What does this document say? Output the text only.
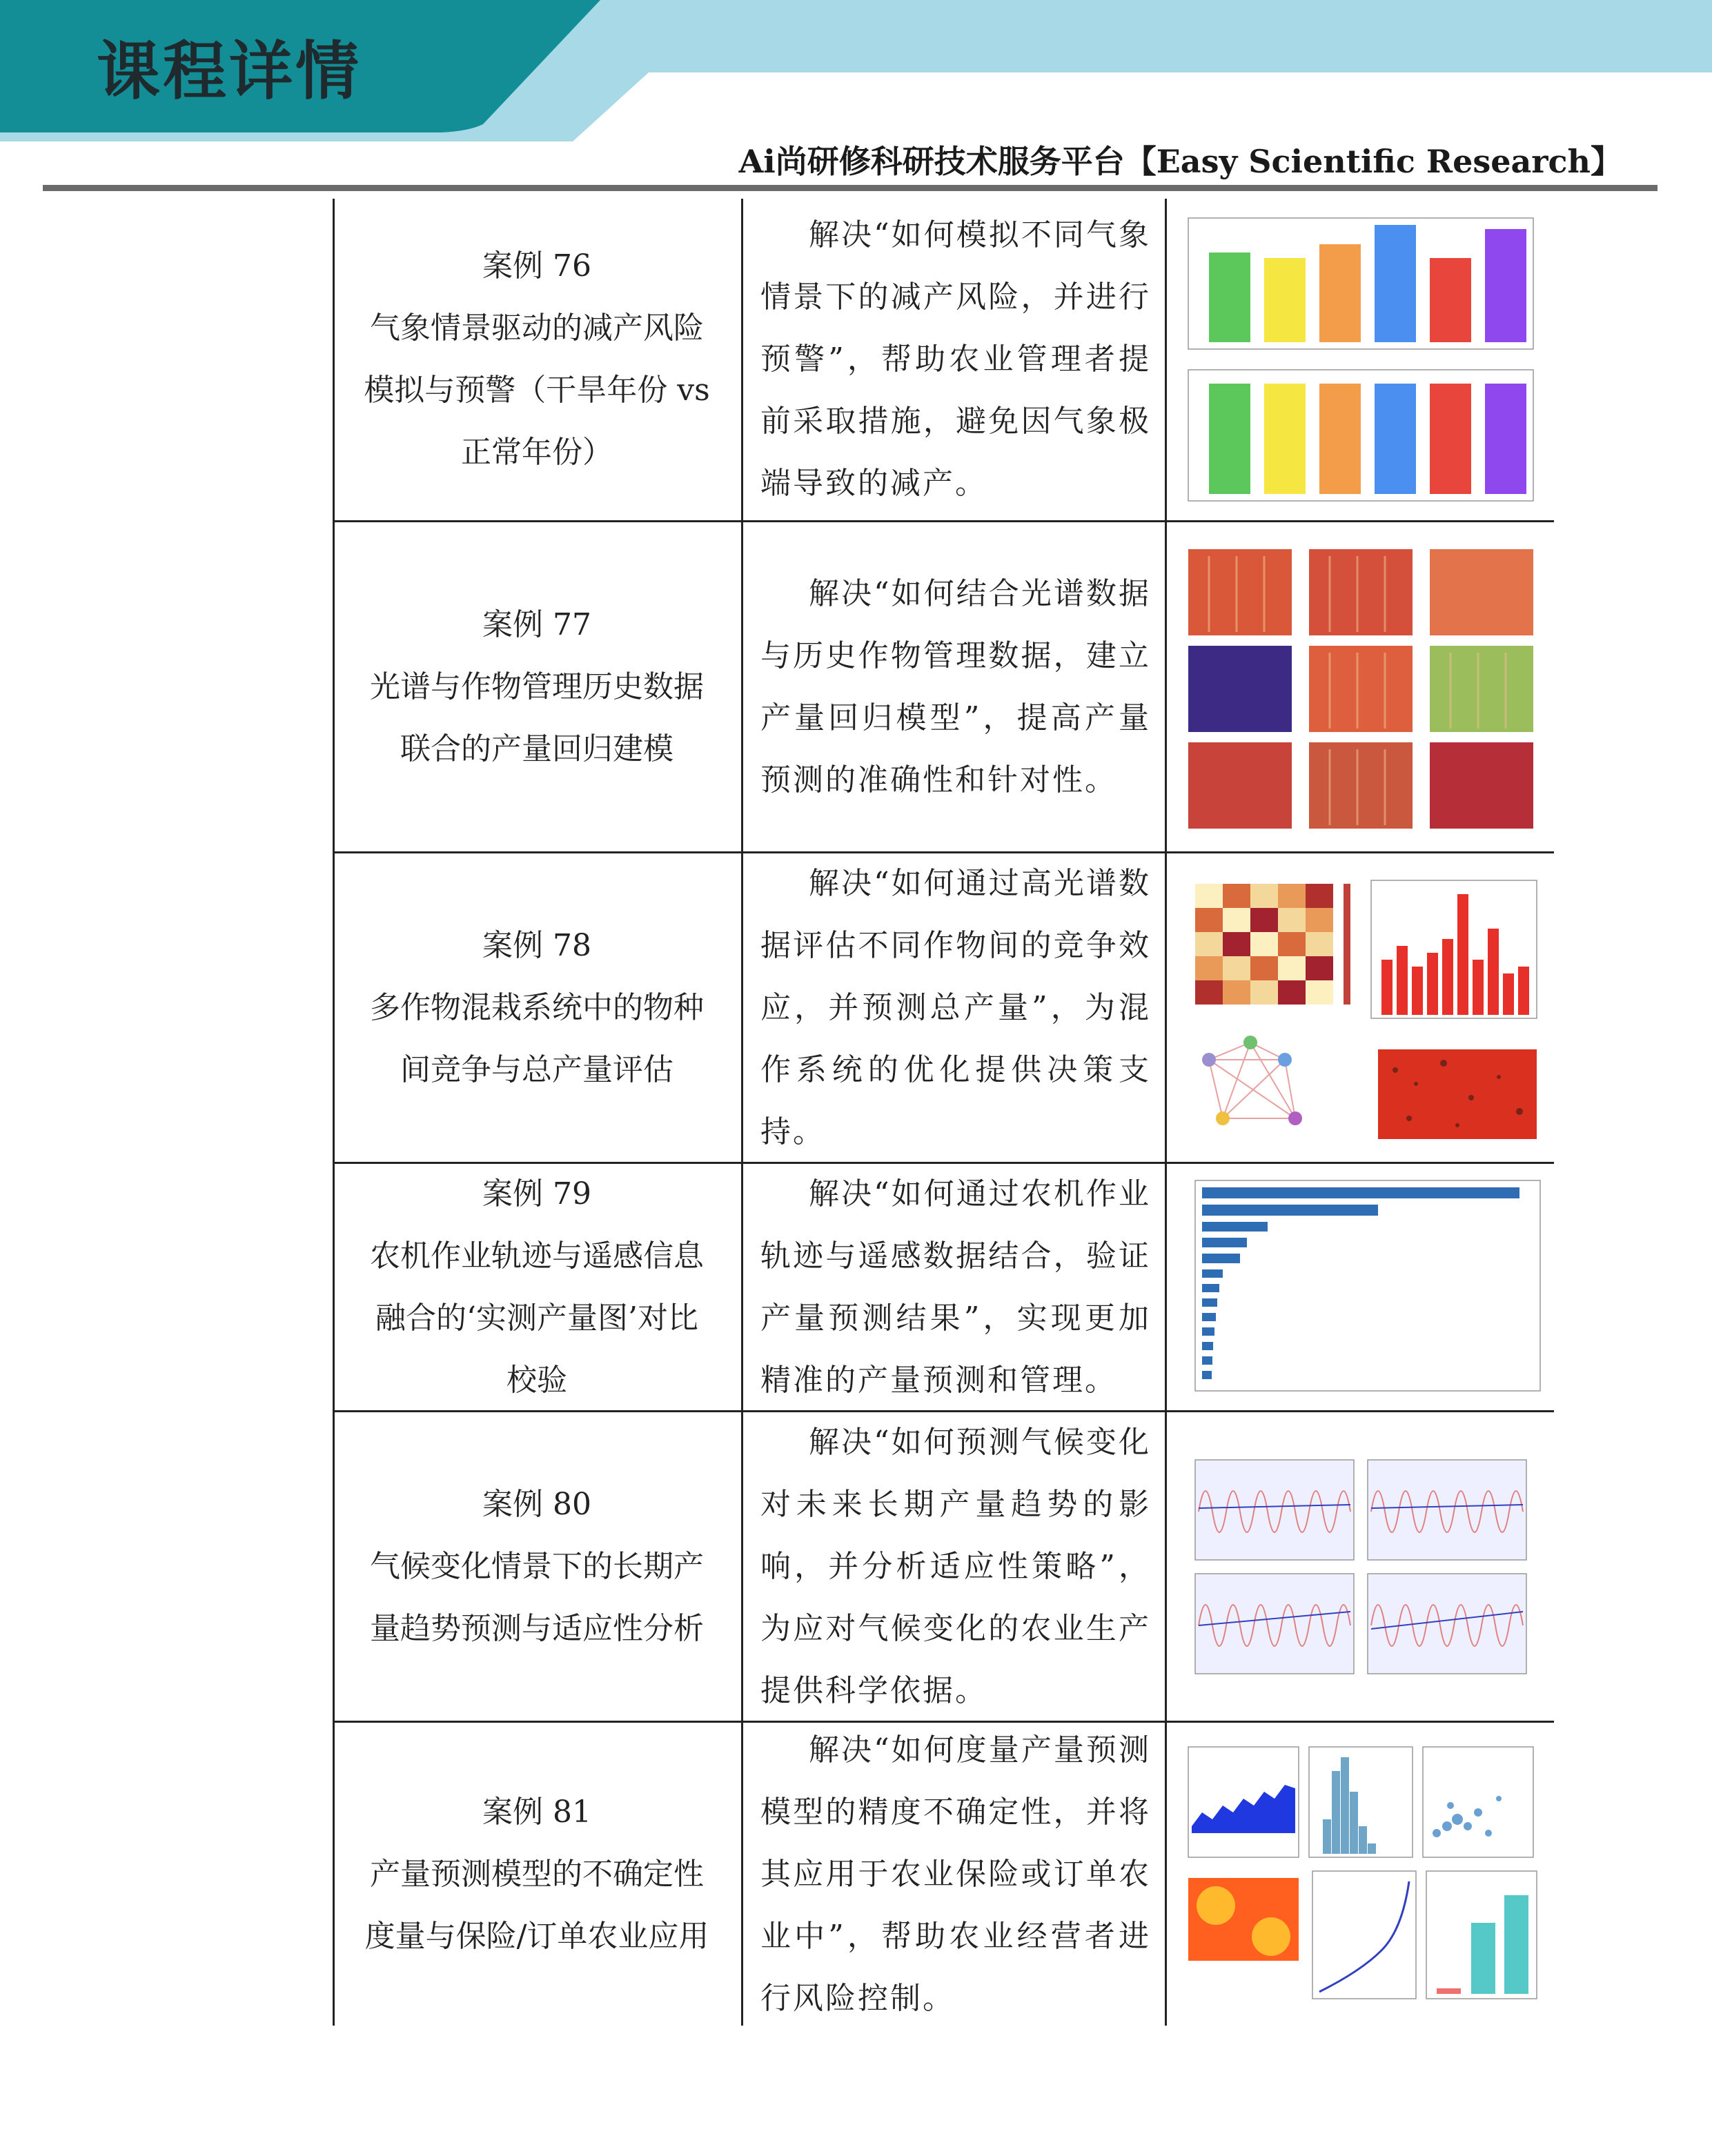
课程详情
Ai尚研修科研技术服务平台【Easy Scientific Research】
案例 76
气象情景驱动的减产风险
模拟与预警（干旱年份 vs
正常年份）
解决“如何模拟不同气象情景下的减产风险，并进行预警”，帮助农业管理者提前采取措施，避免因气象极端导致的减产。
案例 77
光谱与作物管理历史数据
联合的产量回归建模
解决“如何结合光谱数据与历史作物管理数据，建立产量回归模型”，提高产量预测的准确性和针对性。
案例 78
多作物混栽系统中的物种
间竞争与总产量评估
解决“如何通过高光谱数据评估不同作物间的竞争效应，并预测总产量”，为混作系统的优化提供决策支持。
案例 79
农机作业轨迹与遥感信息
融合的‘实测产量图’对比
校验
解决“如何通过农机作业轨迹与遥感数据结合，验证产量预测结果”，实现更加精准的产量预测和管理。
案例 80
气候变化情景下的长期产
量趋势预测与适应性分析
解决“如何预测气候变化对未来长期产量趋势的影响，并分析适应性策略”，为应对气候变化的农业生产提供科学依据。
案例 81
产量预测模型的不确定性
度量与保险/订单农业应用
解决“如何度量产量预测模型的精度不确定性，并将其应用于农业保险或订单农业中”，帮助农业经营者进行风险控制。
